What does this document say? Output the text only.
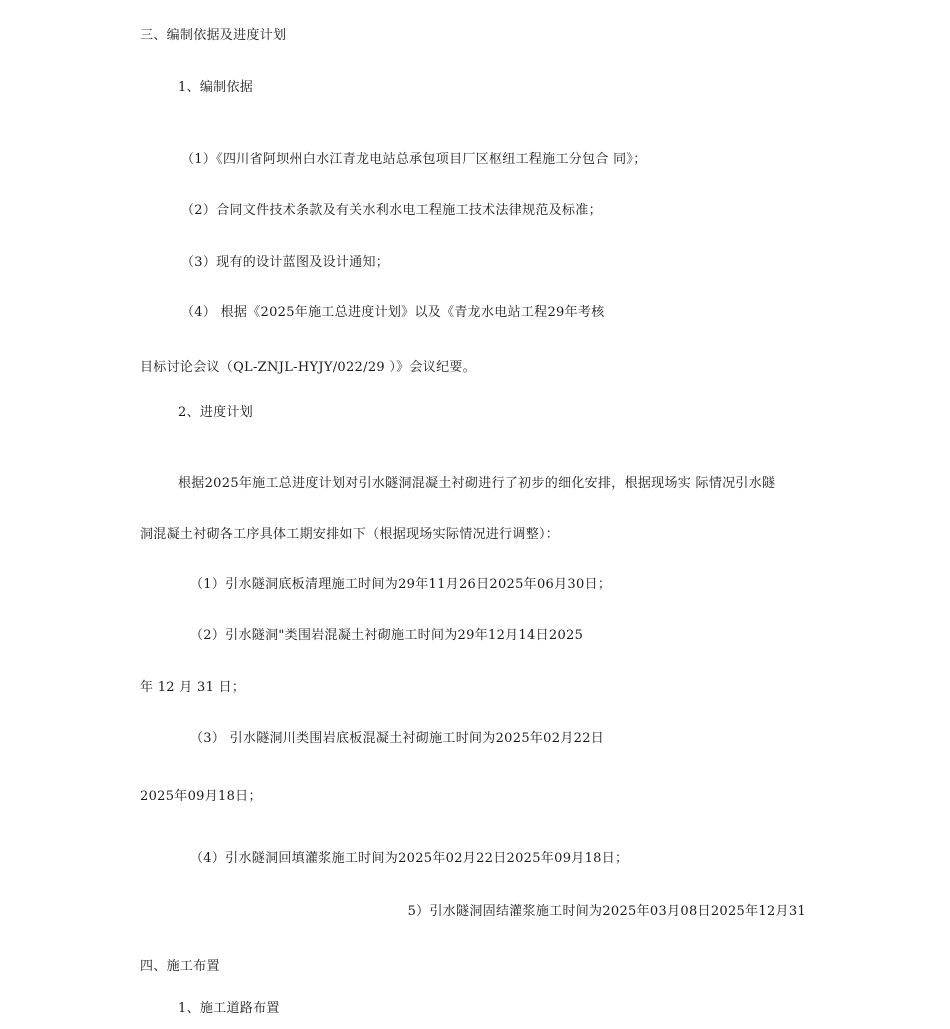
三、编制依据及进度计划
1、编制依据
（1）《四川省阿坝州白水江青龙电站总承包项目厂区枢纽工程施工分包合 同》；
（2）合同文件技术条款及有关水利水电工程施工技术法律规范及标准；
（3）现有的设计蓝图及设计通知；
（4） 根据《2025年施工总进度计划》以及《青龙水电站工程29年考核
目标讨论会议（QL-ZNJL-HYJY/022/29 ）》会议纪要。
2、进度计划
根据2025年施工总进度计划对引水隧洞混凝土衬砌进行了初步的细化安排，根据现场实 际情况引水隧
洞混凝土衬砌各工序具体工期安排如下（根据现场实际情况进行调整）：
（1）引水隧洞底板清理施工时间为29年11月26日2025年06月30日；
（2）引水隧洞"类围岩混凝土衬砌施工时间为29年12月14日2025
年 12 月 31 日；
（3） 引水隧洞川类围岩底板混凝土衬砌施工时间为2025年02月22日
2025年09月18日；
（4）引水隧洞回填灌浆施工时间为2025年02月22日2025年09月18日；
5）引水隧洞固结灌浆施工时间为2025年03月08日2025年12月31
四、施工布置
1、施工道路布置
